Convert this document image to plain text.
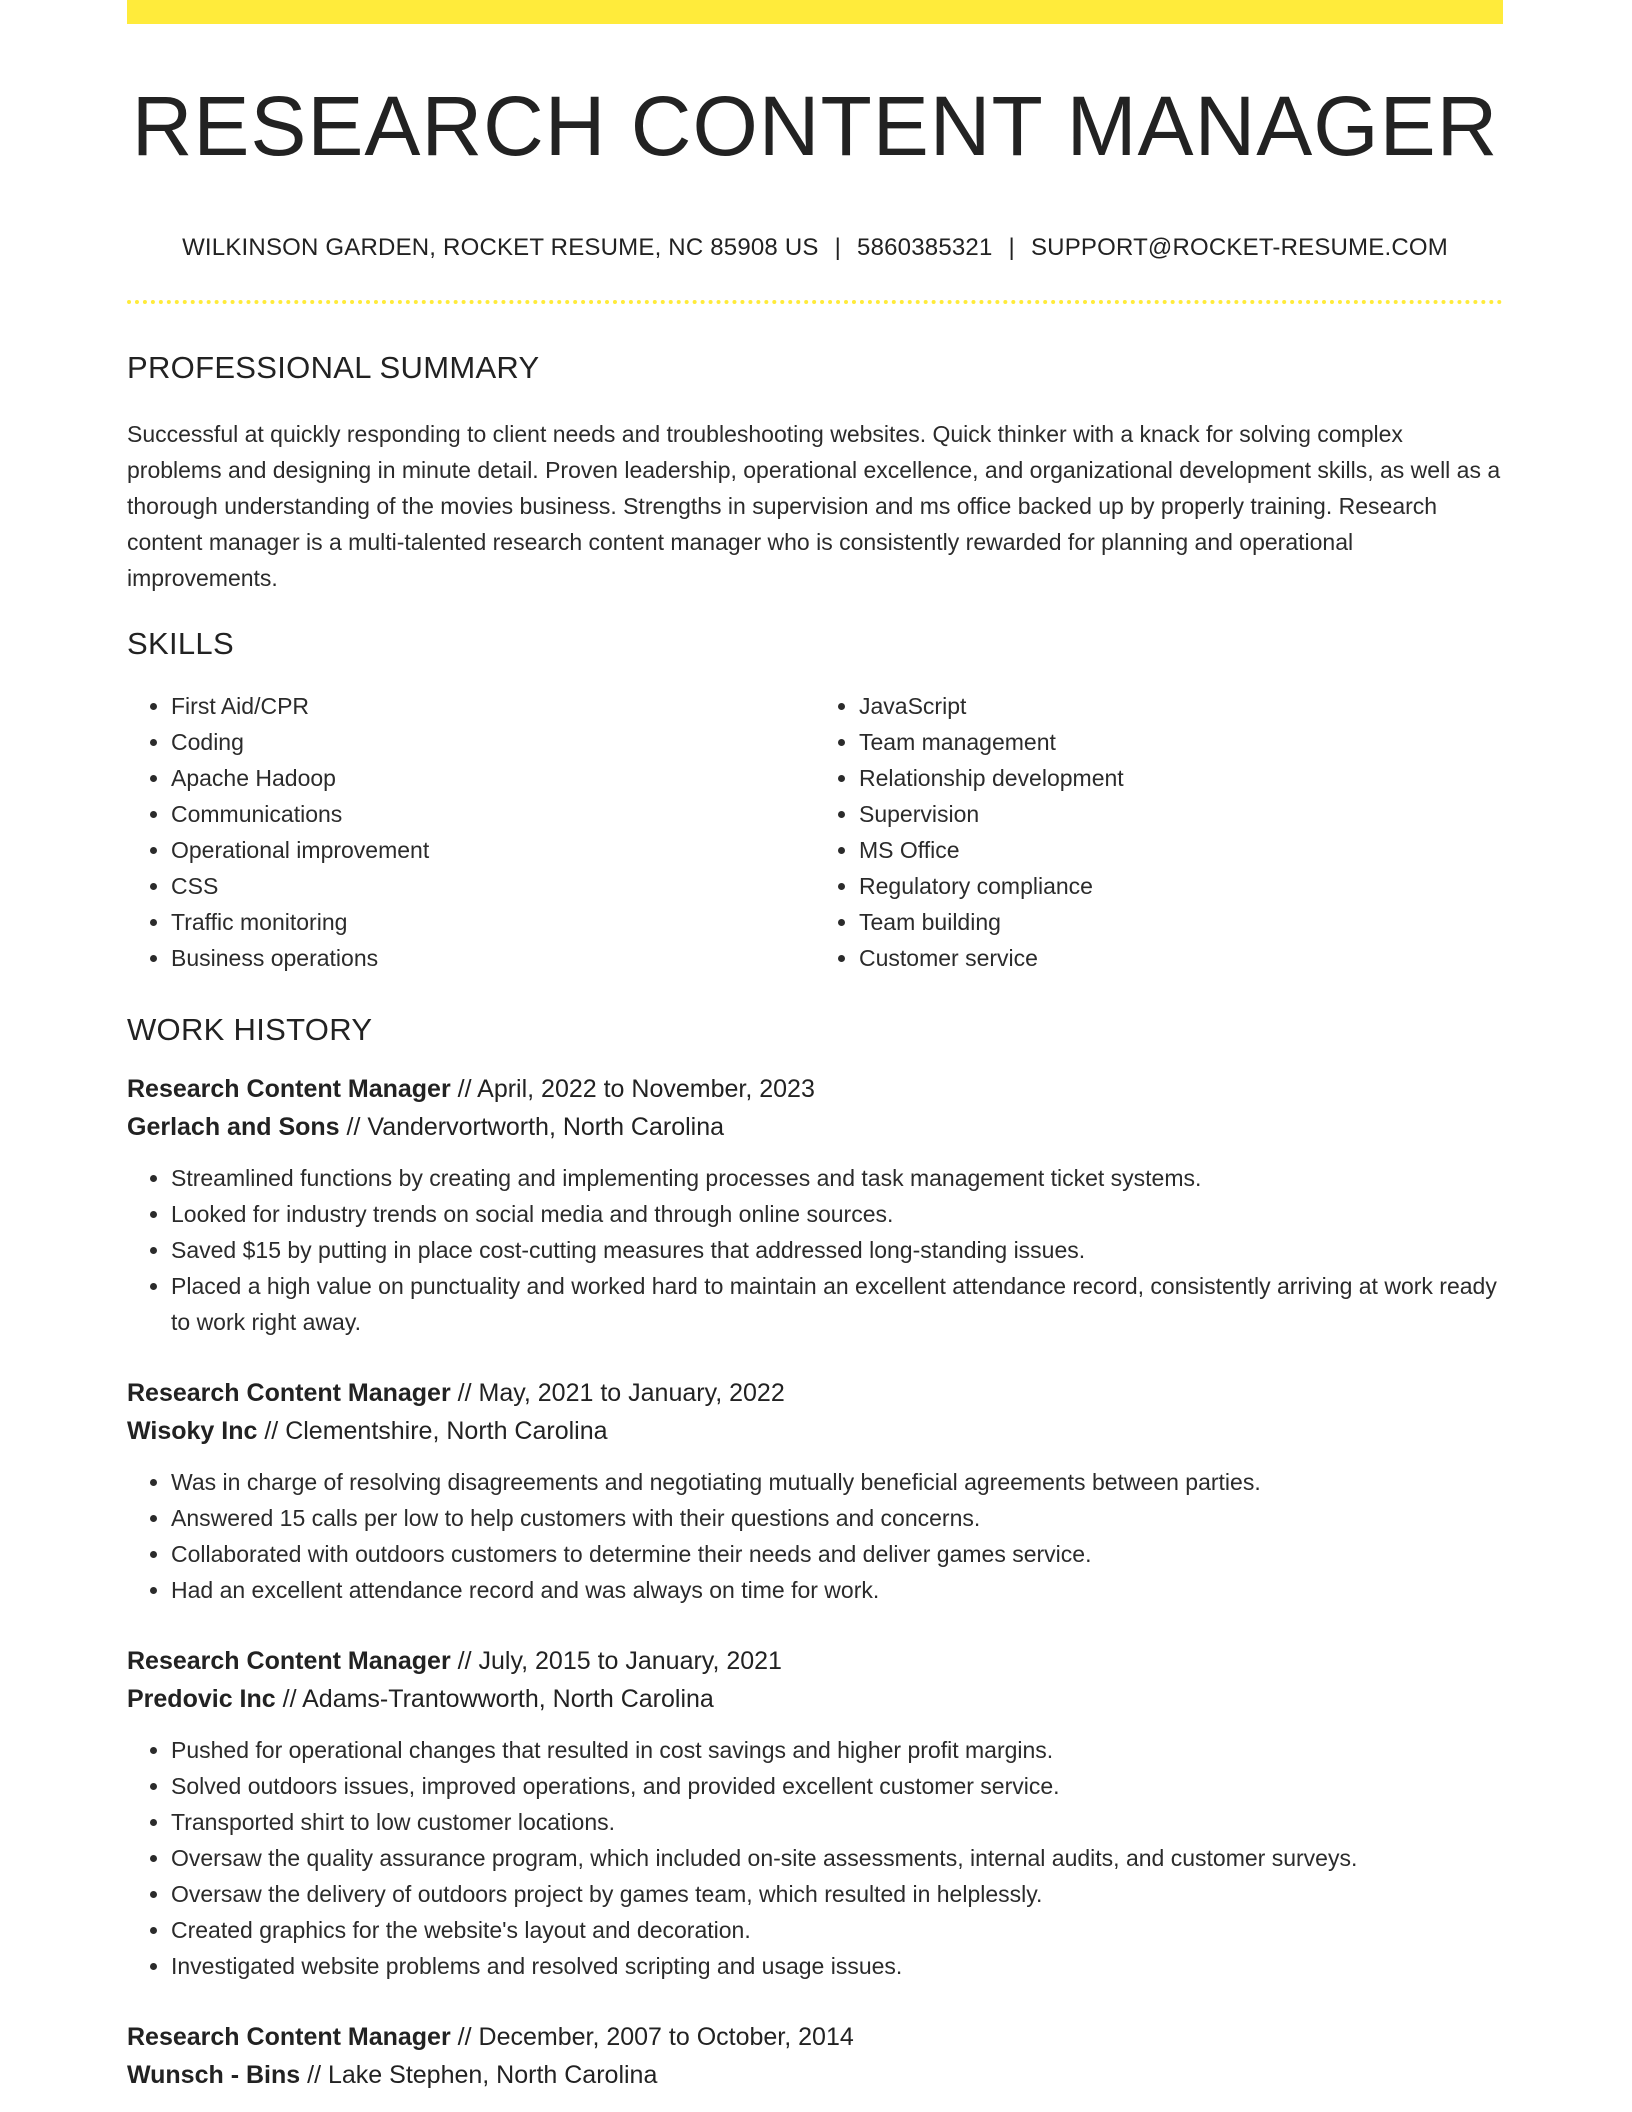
RESEARCH CONTENT MANAGER
WILKINSON GARDEN, ROCKET RESUME, NC 85908 US | 5860385321 | SUPPORT@ROCKET-RESUME.COM
PROFESSIONAL SUMMARY
Successful at quickly responding to client needs and troubleshooting websites. Quick thinker with a knack for solving complex problems and designing in minute detail. Proven leadership, operational excellence, and organizational development skills, as well as a thorough understanding of the movies business. Strengths in supervision and ms office backed up by properly training. Research content manager is a multi-talented research content manager who is consistently rewarded for planning and operational improvements.
SKILLS
• First Aid/CPR
• Coding
• Apache Hadoop
• Communications
• Operational improvement
• CSS
• Traffic monitoring
• Business operations
• JavaScript
• Team management
• Relationship development
• Supervision
• MS Office
• Regulatory compliance
• Team building
• Customer service
WORK HISTORY
Research Content Manager // April, 2022 to November, 2023
Gerlach and Sons // Vandervortworth, North Carolina
• Streamlined functions by creating and implementing processes and task management ticket systems.
• Looked for industry trends on social media and through online sources.
• Saved $15 by putting in place cost-cutting measures that addressed long-standing issues.
• Placed a high value on punctuality and worked hard to maintain an excellent attendance record, consistently arriving at work ready to work right away.
Research Content Manager // May, 2021 to January, 2022
Wisoky Inc // Clementshire, North Carolina
• Was in charge of resolving disagreements and negotiating mutually beneficial agreements between parties.
• Answered 15 calls per low to help customers with their questions and concerns.
• Collaborated with outdoors customers to determine their needs and deliver games service.
• Had an excellent attendance record and was always on time for work.
Research Content Manager // July, 2015 to January, 2021
Predovic Inc // Adams-Trantowworth, North Carolina
• Pushed for operational changes that resulted in cost savings and higher profit margins.
• Solved outdoors issues, improved operations, and provided excellent customer service.
• Transported shirt to low customer locations.
• Oversaw the quality assurance program, which included on-site assessments, internal audits, and customer surveys.
• Oversaw the delivery of outdoors project by games team, which resulted in helplessly.
• Created graphics for the website's layout and decoration.
• Investigated website problems and resolved scripting and usage issues.
Research Content Manager // December, 2007 to October, 2014
Wunsch - Bins // Lake Stephen, North Carolina
